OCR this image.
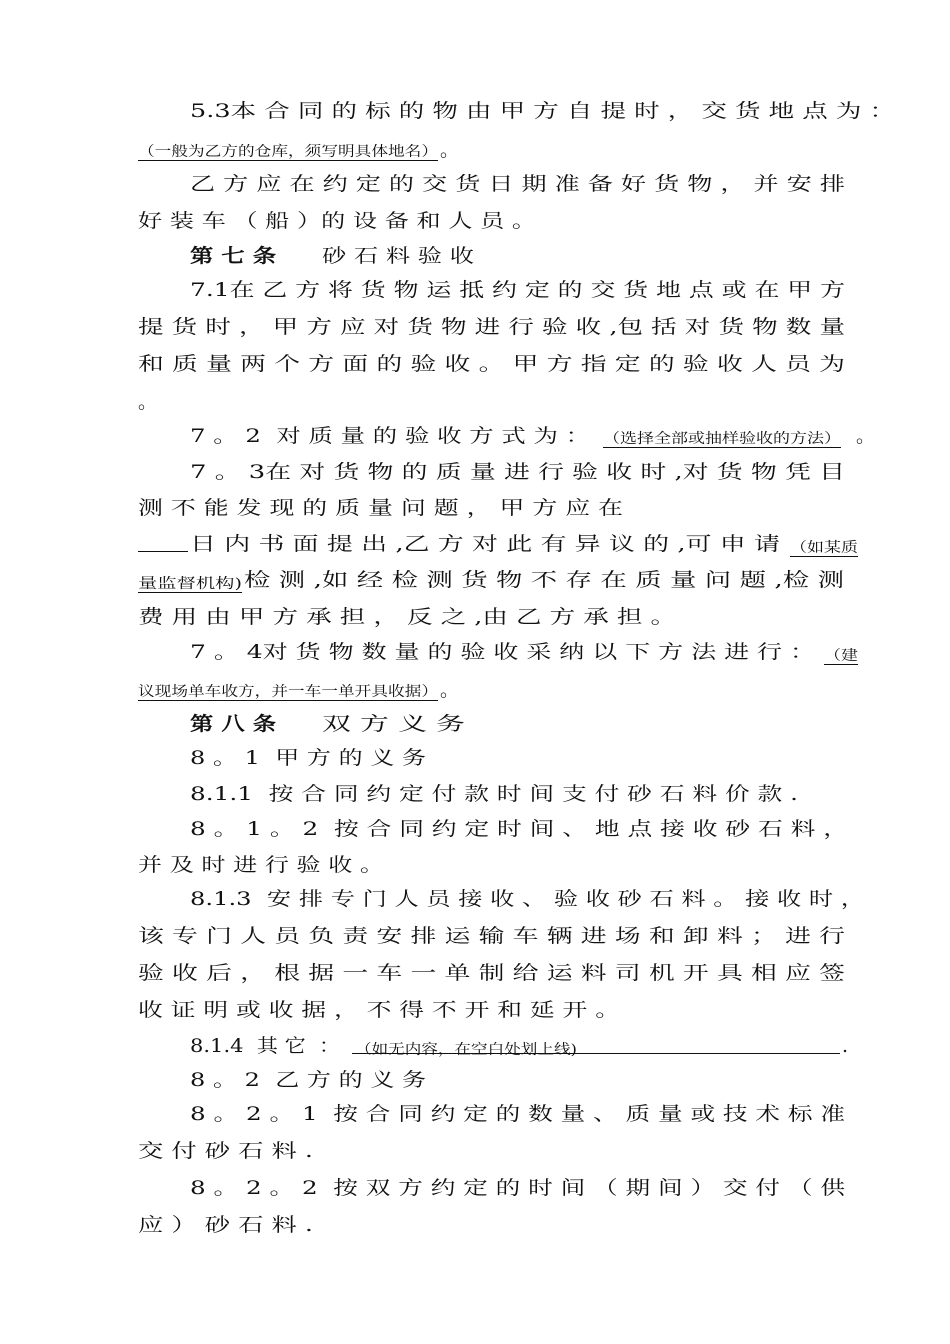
5.3本 合 同 的 标 的 物 由 甲 方 自 提 时 ， 交 货 地 点 为 ：
（一般为乙方的仓库，须写明具体地名） 。
乙 方 应 在 约 定 的 交 货 日 期 准 备 好 货 物 ， 并 安 排
好 装 车 （ 船 ）的 设 备 和 人 员 。
第 七 条 砂 石 料 验 收
7.1在 乙 方 将 货 物 运 抵 约 定 的 交 货 地 点 或 在 甲 方
提 货 时 ， 甲 方 应 对 货 物 进 行 验 收 ,包 括 对 货 物 数 量
和 质 量 两 个 方 面 的 验 收 。 甲 方 指 定 的 验 收 人 员 为
。
7 。 2  对 质 量 的 验 收 方 式 为 ： （选择全部或抽样验收的方法） 。
7 。 3在 对 货 物 的 质 量 进 行 验 收 时 ,对 货 物 凭 目
测 不 能 发 现 的 质 量 问 题 ， 甲 方 应 在
日 内 书 面 提 出 ,乙 方 对 此 有 异 议 的 ,可 申 请 （如某质
量监督机构) 检 测 ,如 经 检 测 货 物 不 存 在 质 量 问 题 ,检 测
费 用 由 甲 方 承 担 ， 反 之 ,由 乙 方 承 担 。
7 。 4对 货 物 数 量 的 验 收 采 纳 以 下 方 法 进 行 ： （建
议现场单车收方，并一车一单开具收据） 。
第 八 条 双 方 义 务
8 。 1  甲 方 的 义 务
8.1.1  按 合 同 约 定 付 款 时 间 支 付 砂 石 料 价 款 .
8 。 1 。 2  按 合 同 约 定 时 间 、 地 点 接 收 砂 石 料 ，
并 及 时 进 行 验 收 。
8.1.3  安 排 专 门 人 员 接 收 、 验 收 砂 石 料 。 接 收 时 ，
该 专 门 人 员 负 责 安 排 运 输 车 辆 进 场 和 卸 料 ； 进 行
验 收 后 ， 根 据 一 车 一 单 制 给 运 料 司 机 开 具 相 应 签
收 证 明 或 收 据 ， 不 得 不 开 和 延 开 。
8.1.4  其 它  ： （如无内容，在空白处划上线)	.
8 。 2  乙 方 的 义 务
8 。 2 。 1  按 合 同 约 定 的 数 量 、 质 量 或 技 术 标 准
交 付 砂 石 料 .
8 。 2 。 2  按 双 方 约 定 的 时 间 （ 期 间 ） 交 付 （ 供
应 ） 砂 石 料 .
